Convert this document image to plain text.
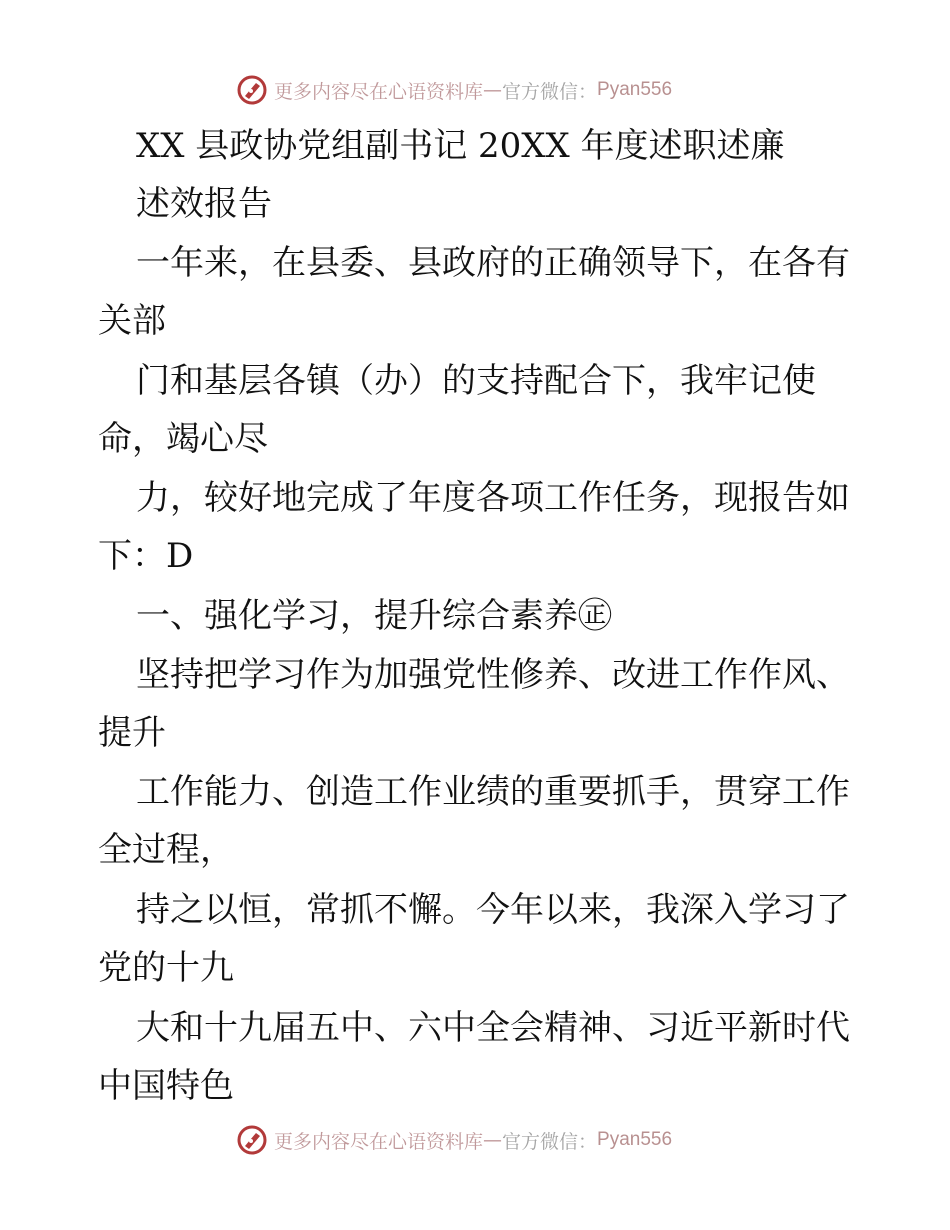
更多内容尽在心语资料库 — 官方微信： Pyan556
XX 县政协党组副书记 20XX 年度述职述廉
述效报告
一年来，在县委、县政府的正确领导下，在各有
关部
门和基层各镇（办）的支持配合下，我牢记使
命，竭心尽
力，较好地完成了年度各项工作任务，现报告如
下：D
一、强化学习，提升综合素养㊣
坚持把学习作为加强党性修养、改进工作作风、
提升
工作能力、创造工作业绩的重要抓手，贯穿工作
全过程，
持之以恒，常抓不懈。今年以来，我深入学习了
党的十九
大和十九届五中、六中全会精神、习近平新时代
中国特色
更多内容尽在心语资料库 — 官方微信： Pyan556
